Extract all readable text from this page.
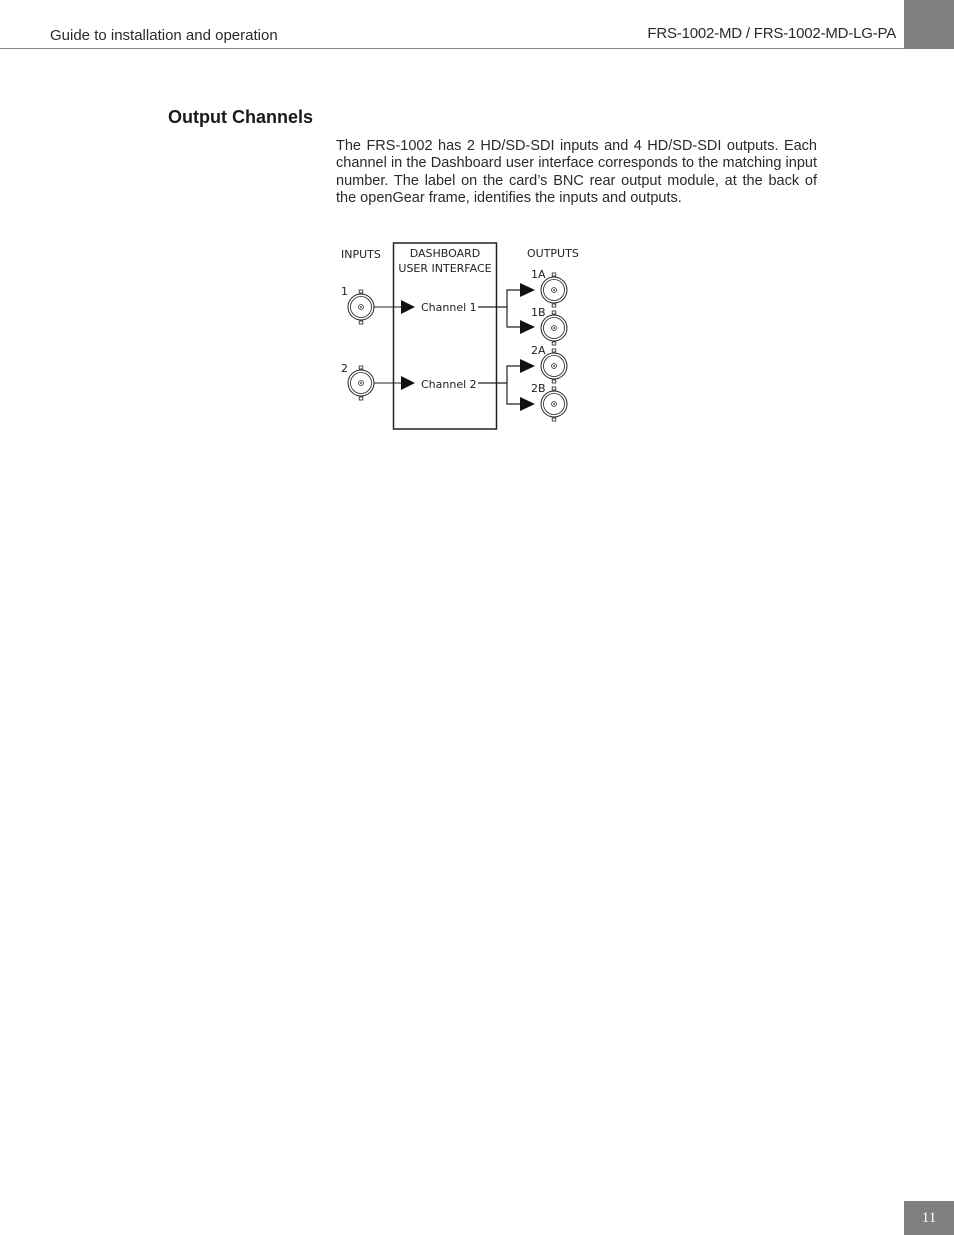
Guide to installation and operation	FRS-1002-MD / FRS-1002-MD-LG-PA
Output Channels

The FRS-1002 has 2 HD/SD-SDI inputs and 4 HD/SD-SDI outputs. Each channel in the Dashboard user interface corresponds to the matching input number. The label on the card’s BNC rear output module, at the back of the openGear frame, identifies the inputs and outputs.

INPUTS	DASHBOARD
USER INTERFACE
OUTPUTS
1
Channel 1
2
Channel 2
1A
1B
2A
2B
11
